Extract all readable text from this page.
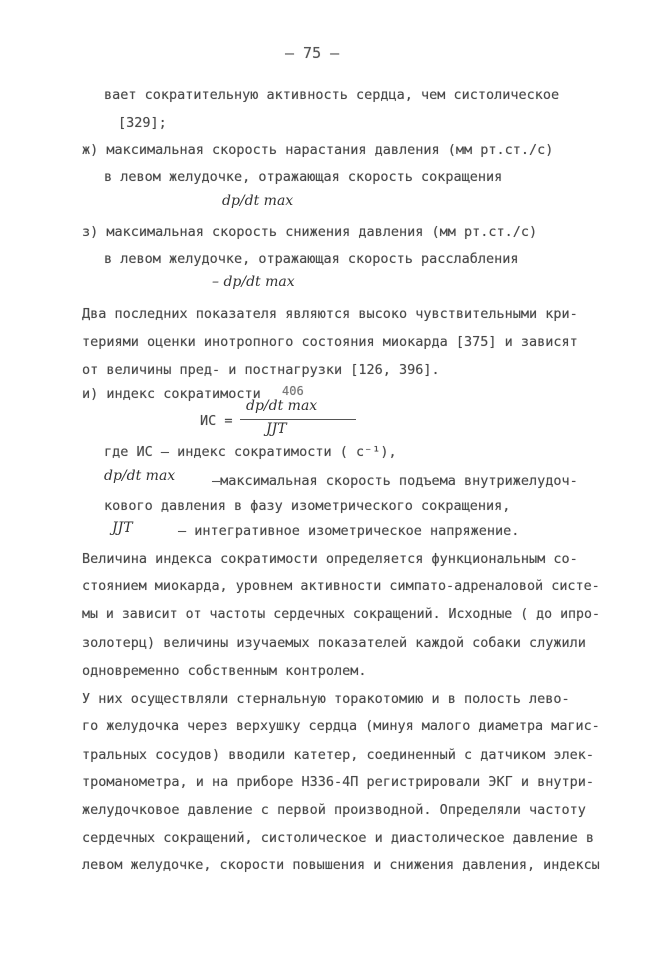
– 75 –
вает сократительную активность сердца, чем систолическое
[329];
ж) максимальная скорость нарастания давления (мм рт.ст./с)
в левом желудочке, отражающая скорость сокращения
dp/dt max
з) максимальная скорость снижения давления (мм рт.ст./с)
в левом желудочке, отражающая скорость расслабления
– dp/dt max
Два последних показателя являются высоко чувствительными кри-
териями оценки инотропного состояния миокарда [375] и зависят
от величины пред- и постнагрузки [126, 396].
и) индекс сократимости 406
ИС =
dp/dt max
ЈЈТ
где ИС – индекс сократимости ( с⁻¹),
dp/dt max	–максимальная скорость подъема внутрижелудоч-
кового давления в фазу изометрического сокращения,
ЈЈТ	– интегративное изометрическое напряжение.
Величина индекса сократимости определяется функциональным со-
стоянием миокарда, уровнем активности симпато-адреналовой систе-
мы и зависит от частоты сердечных сокращений. Исходные ( до ипро-
золотерц) величины изучаемых показателей каждой собаки служили
одновременно собственным контролем.
У них осуществляли стернальную торакотомию и в полость лево-
го желудочка через верхушку сердца (минуя малого диаметра магис-
тральных сосудов) вводили катетер, соединенный с датчиком элек-
троманометра, и на приборе НЗ36-4П регистрировали ЭКГ и внутри-
желудочковое давление с первой производной. Определяли частоту
сердечных сокращений, систолическое и диастолическое давление в
левом желудочке, скорости повышения и снижения давления, индексы
